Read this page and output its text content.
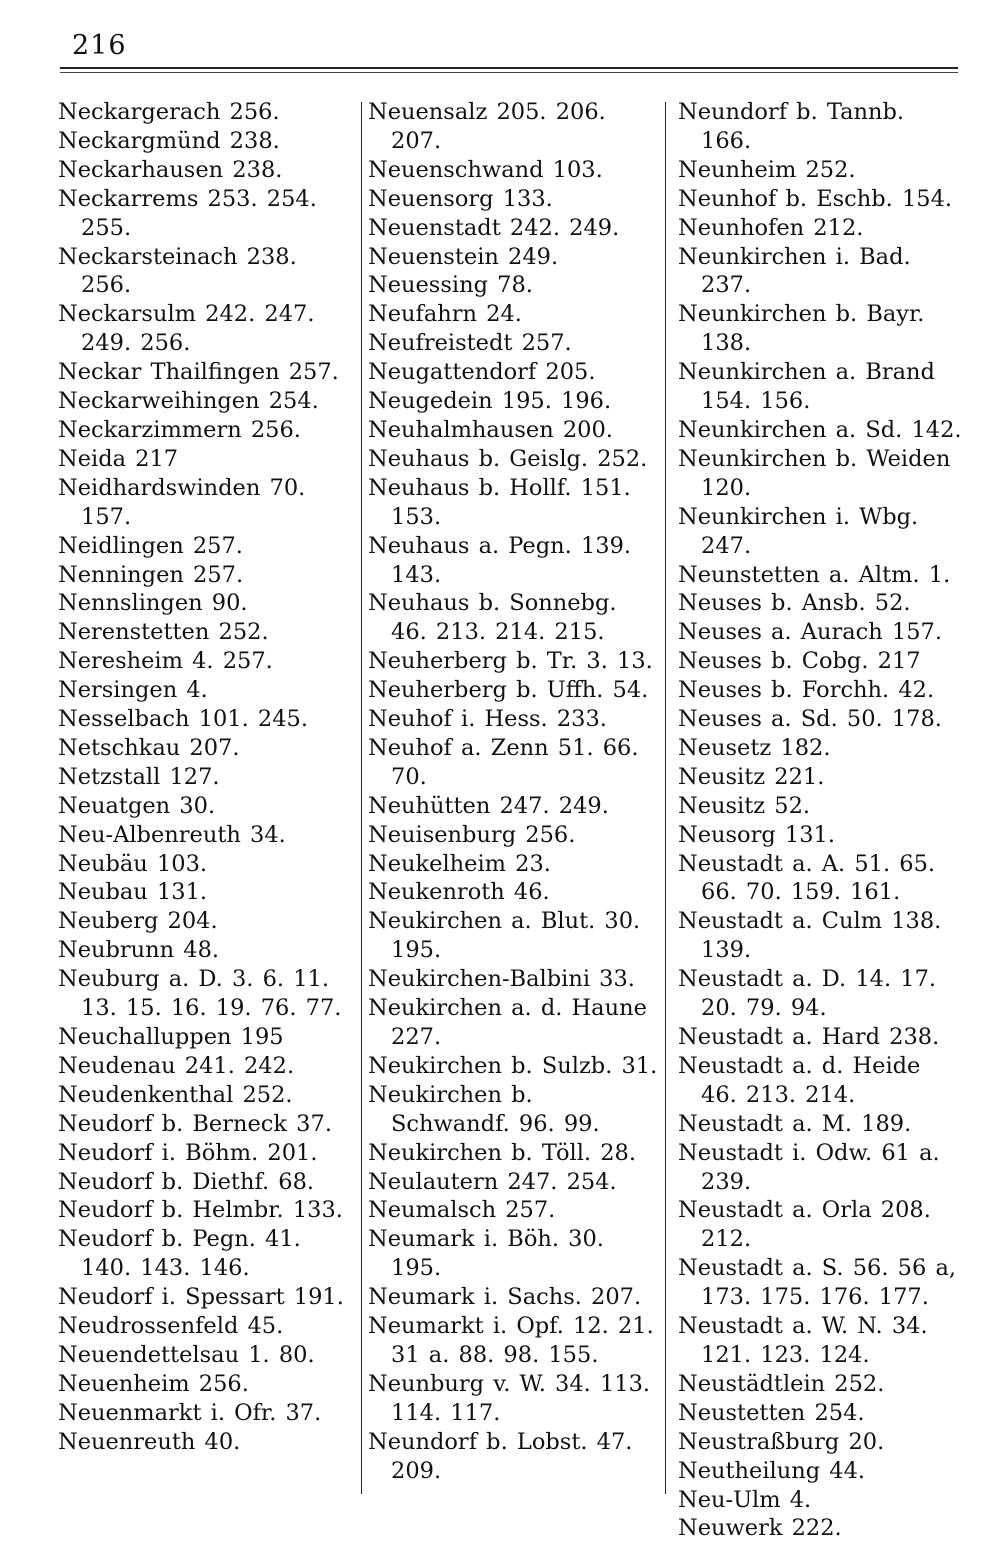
216
Neckargerach 256.
Neckargmünd 238.
Neckarhausen 238.
Neckarrems 253. 254. 255.
Neckarsteinach 238. 256.
Neckarsulm 242. 247. 249. 256.
Neckar Thailfingen 257.
Neckarweihingen 254.
Neckarzimmern 256.
Neida 217
Neidhardswinden 70. 157.
Neidlingen 257.
Nenningen 257.
Nennslingen 90.
Nerenstetten 252.
Neresheim 4. 257.
Nersingen 4.
Nesselbach 101. 245.
Netschkau 207.
Netzstall 127.
Neuatgen 30.
Neu-Albenreuth 34.
Neubäu 103.
Neubau 131.
Neuberg 204.
Neubrunn 48.
Neuburg a. D. 3. 6. 11. 13. 15. 16. 19. 76. 77.
Neuchalluppen 195
Neudenau 241. 242.
Neudenkenthal 252.
Neudorf b. Berneck 37.
Neudorf i. Böhm. 201.
Neudorf b. Diethf. 68.
Neudorf b. Helmbr. 133.
Neudorf b. Pegn. 41. 140. 143. 146.
Neudorf i. Spessart 191.
Neudrossenfeld 45.
Neuendettelsau 1. 80.
Neuenheim 256.
Neuenmarkt i. Ofr. 37.
Neuenreuth 40.
Neuensalz 205. 206. 207.
Neuenschwand 103.
Neuensorg 133.
Neuenstadt 242. 249.
Neuenstein 249.
Neuessing 78.
Neufahrn 24.
Neufreistedt 257.
Neugattendorf 205.
Neugedein 195. 196.
Neuhalmhausen 200.
Neuhaus b. Geislg. 252.
Neuhaus b. Hollf. 151. 153.
Neuhaus a. Pegn. 139. 143.
Neuhaus b. Sonnebg. 46. 213. 214. 215.
Neuherberg b. Tr. 3. 13.
Neuherberg b. Uffh. 54.
Neuhof i. Hess. 233.
Neuhof a. Zenn 51. 66. 70.
Neuhütten 247. 249.
Neuisenburg 256.
Neukelheim 23.
Neukenroth 46.
Neukirchen a. Blut. 30. 195.
Neukirchen-Balbini 33.
Neukirchen a. d. Haune 227.
Neukirchen b. Sulzb. 31.
Neukirchen b. Schwandf. 96. 99.
Neukirchen b. Töll. 28.
Neulautern 247. 254.
Neumalsch 257.
Neumark i. Böh. 30. 195.
Neumark i. Sachs. 207.
Neumarkt i. Opf. 12. 21. 31 a. 88. 98. 155.
Neunburg v. W. 34. 113. 114. 117.
Neundorf b. Lobst. 47. 209.
Neundorf b. Tannb. 166.
Neunheim 252.
Neunhof b. Eschb. 154.
Neunhofen 212.
Neunkirchen i. Bad. 237.
Neunkirchen b. Bayr. 138.
Neunkirchen a. Brand 154. 156.
Neunkirchen a. Sd. 142.
Neunkirchen b. Weiden 120.
Neunkirchen i. Wbg. 247.
Neunstetten a. Altm. 1.
Neuses b. Ansb. 52.
Neuses a. Aurach 157.
Neuses b. Cobg. 217
Neuses b. Forchh. 42.
Neuses a. Sd. 50. 178.
Neusetz 182.
Neusitz 221.
Neusitz 52.
Neusorg 131.
Neustadt a. A. 51. 65. 66. 70. 159. 161.
Neustadt a. Culm 138. 139.
Neustadt a. D. 14. 17. 20. 79. 94.
Neustadt a. Hard 238.
Neustadt a. d. Heide 46. 213. 214.
Neustadt a. M. 189.
Neustadt i. Odw. 61 a. 239.
Neustadt a. Orla 208. 212.
Neustadt a. S. 56. 56 a, 173. 175. 176. 177.
Neustadt a. W. N. 34. 121. 123. 124.
Neustädtlein 252.
Neustetten 254.
Neustraßburg 20.
Neutheilung 44.
Neu-Ulm 4.
Neuwerk 222.
